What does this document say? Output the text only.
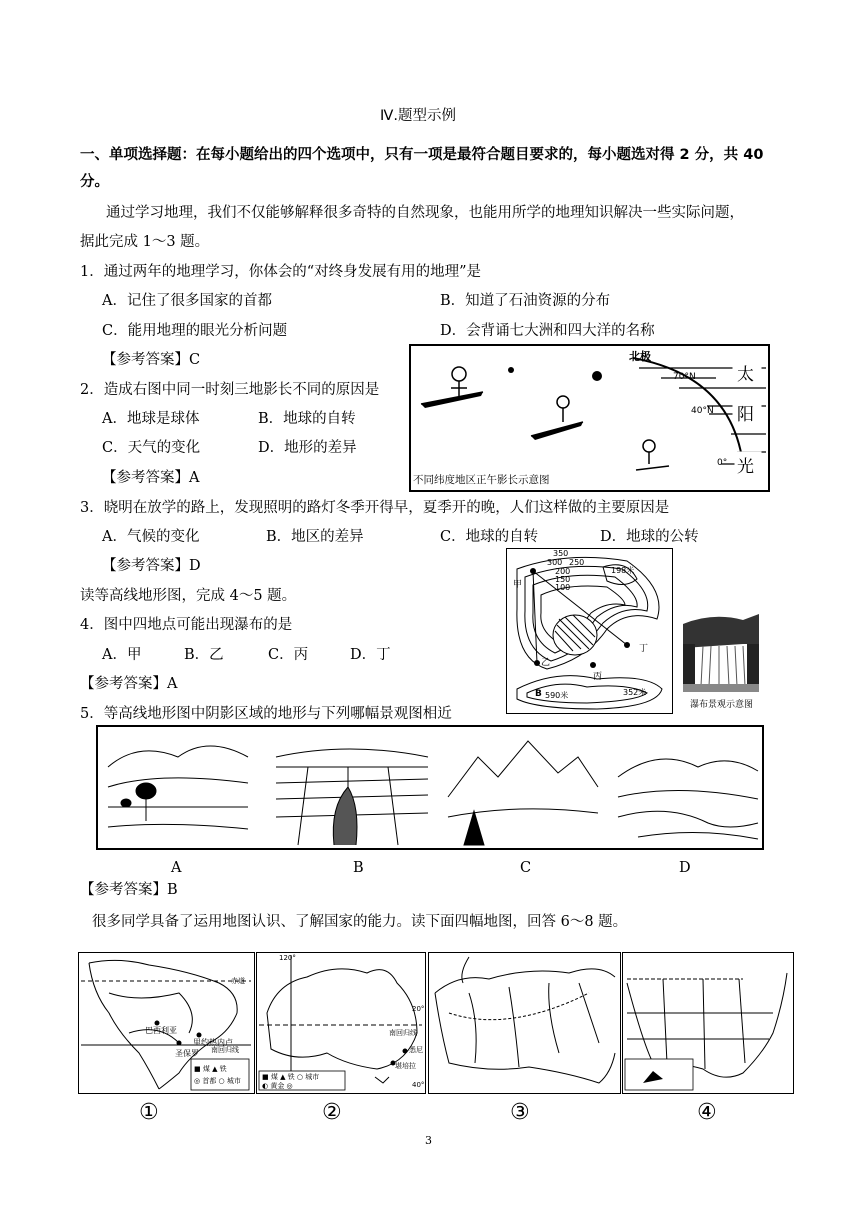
Ⅳ.题型示例
一、单项选择题：在每小题给出的四个选项中，只有一项是最符合题目要求的，每小题选对得 2 分，共 40
分。
通过学习地理，我们不仅能够解释很多奇特的自然现象，也能用所学的地理知识解决一些实际问题，
据此完成 1～3 题。
1．通过两年的地理学习，你体会的“对终身发展有用的地理”是
A．记住了很多国家的首都	B．知道了石油资源的分布
C．能用地理的眼光分析问题	D．会背诵七大洲和四大洋的名称
【参考答案】C
2．造成右图中同一时刻三地影长不同的原因是
A．地球是球体	B．地球的自转
C．天气的变化	D．地形的差异
【参考答案】A
北极
70°N
40°N
0°
太
阳
光
不同纬度地区正午影长示意图
3．晓明在放学的路上，发现照明的路灯冬季开得早，夏季开的晚，人们这样做的主要原因是
A．气候的变化	B．地区的差异	C．地球的自转	D．地球的公转
【参考答案】D
读等高线地形图，完成 4～5 题。
甲
乙
丙
丁
350
300 250
200
150
100
198米
B 590米	352米
瀑布景观示意图
4．图中四地点可能出现瀑布的是
A．甲	B．乙	C．丙	D．丁
【参考答案】A
5．等高线地形图中阴影区域的地形与下列哪幅景观图相近
A	B	C	D
【参考答案】B
很多同学具备了运用地图认识、了解国家的能力。读下面四幅地图，回答 6～8 题。
赤道
巴西利亚
里约热内卢
圣保罗 南回归线
■ 煤 ▲ 铁
◎ 首都 ○ 城市
120°
20°
南回归线
悉尼
堪培拉
40°
■ 煤 ▲ 铁 ○ 城市
◐ 黄金 ◎
①	②	③	④
3
